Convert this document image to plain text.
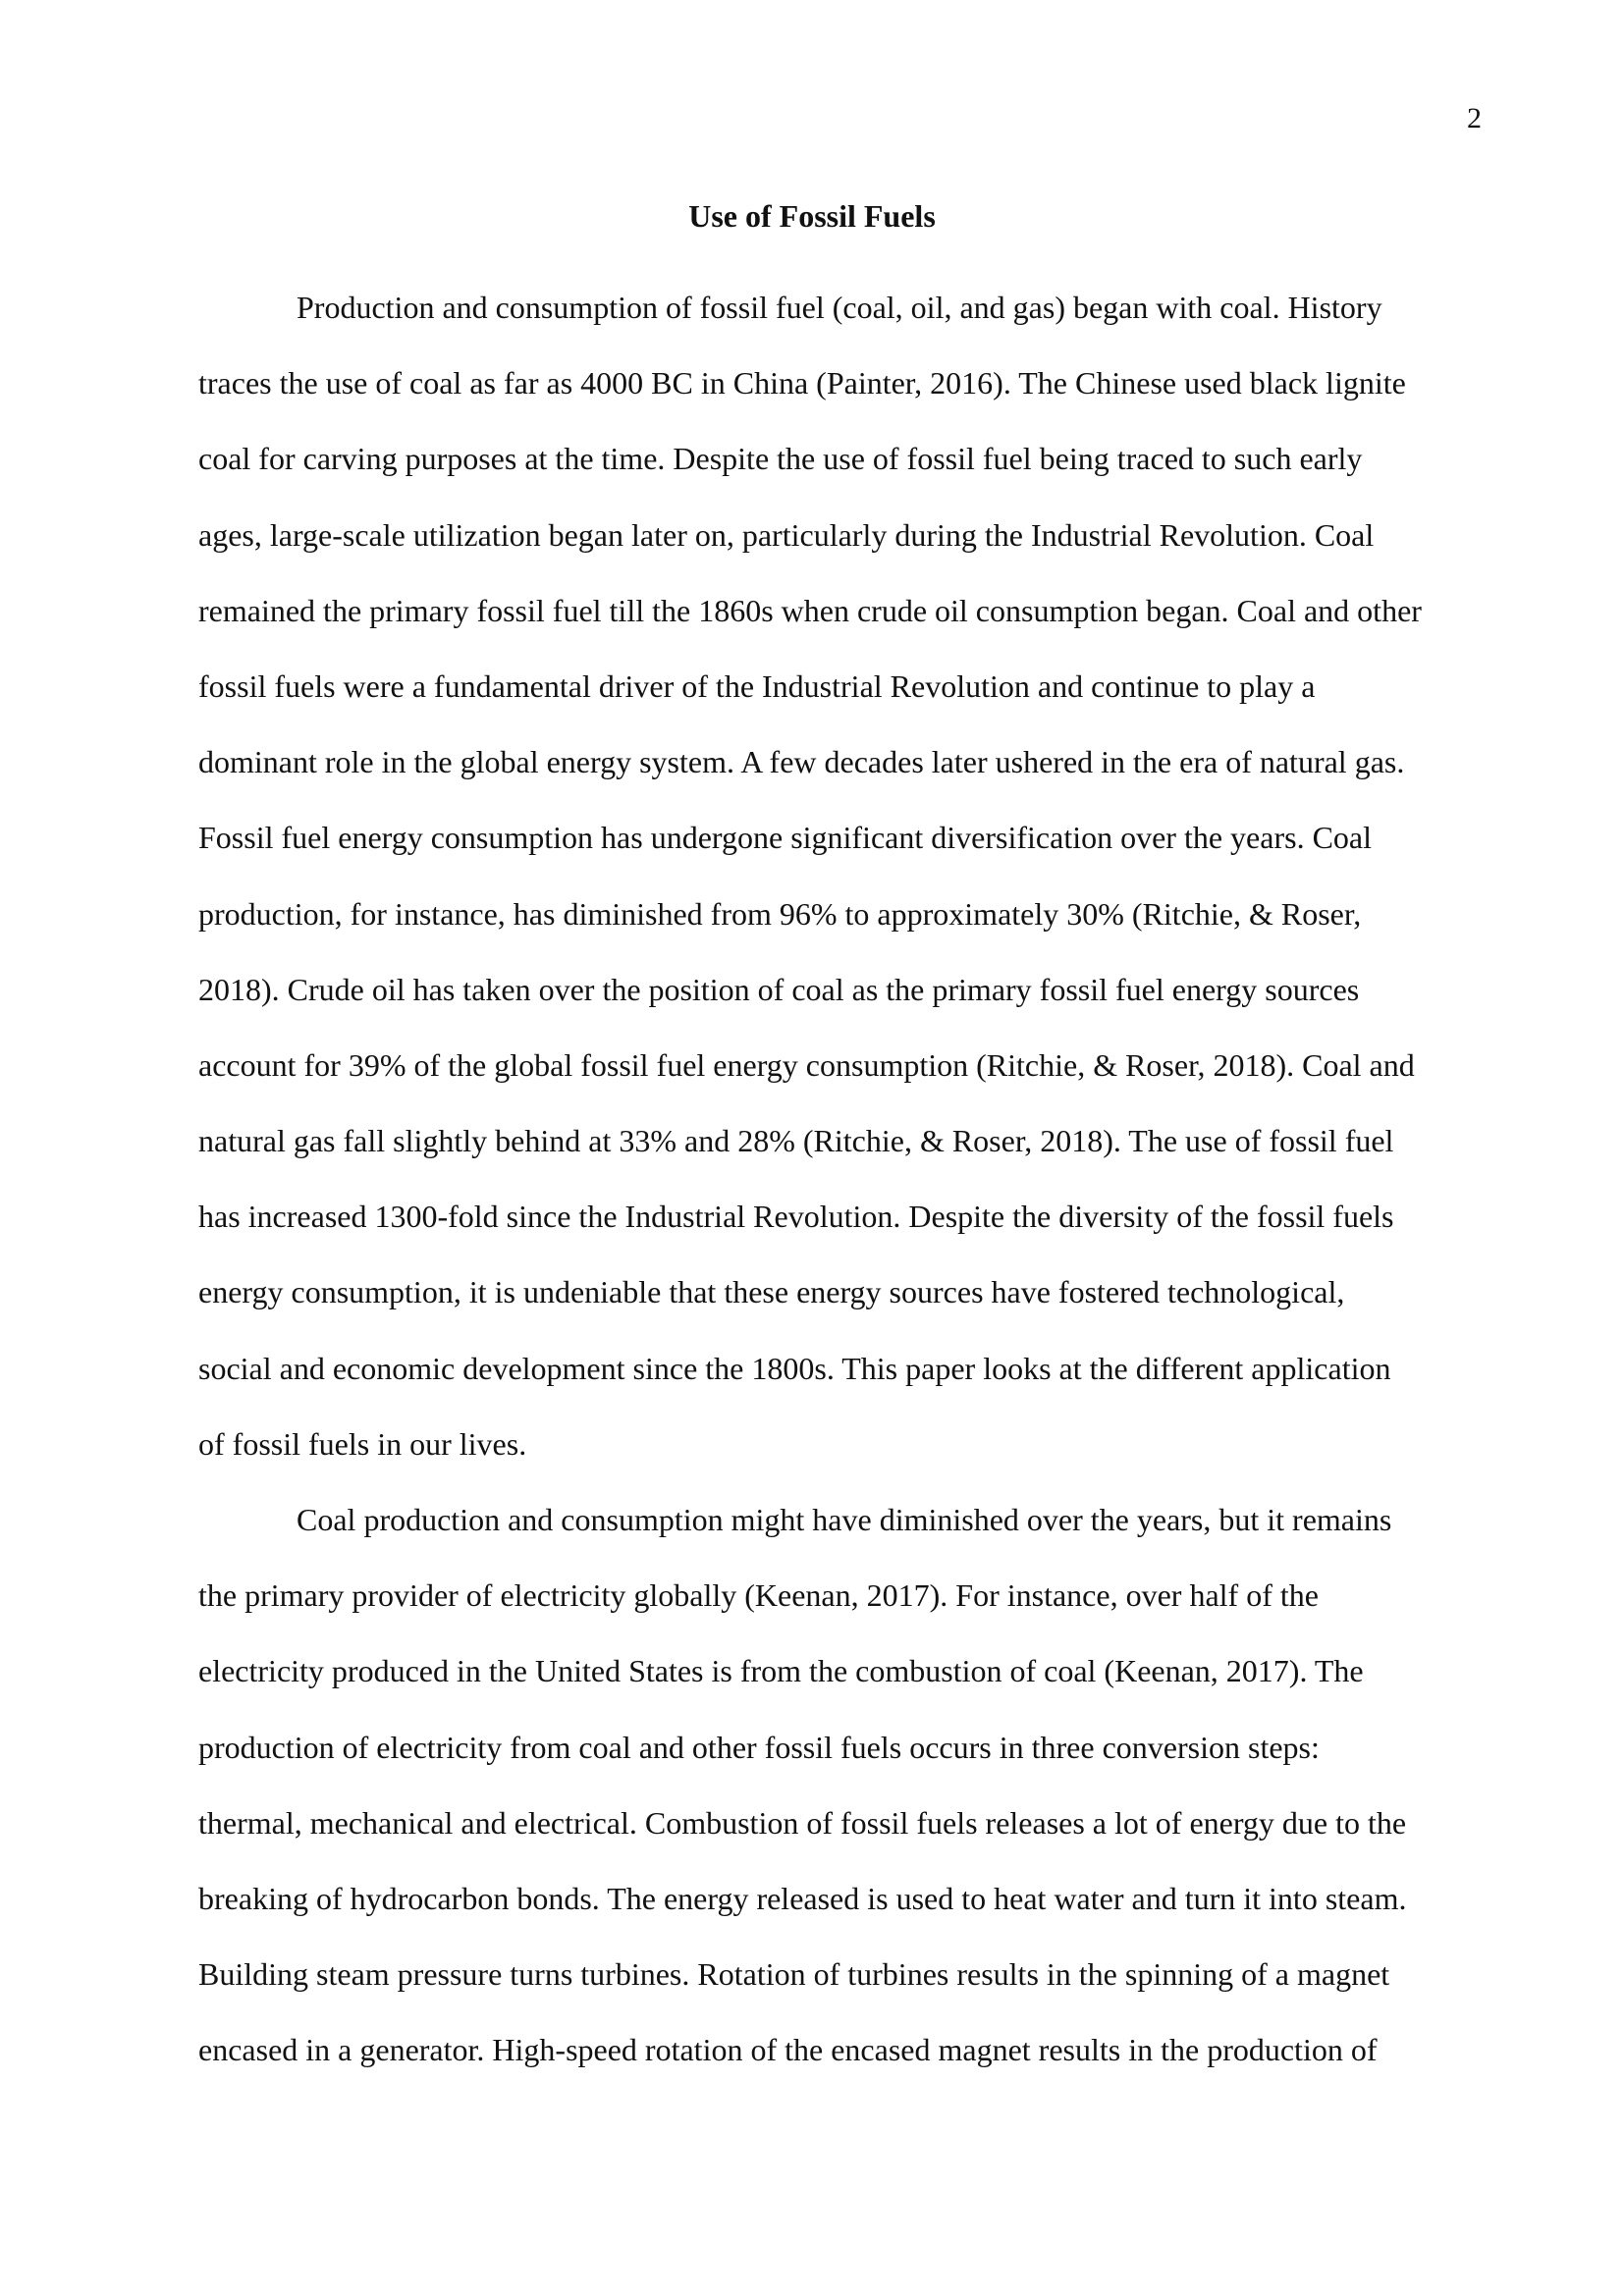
2
Use of Fossil Fuels
Production and consumption of fossil fuel (coal, oil, and gas) began with coal. History
traces the use of coal as far as 4000 BC in China (Painter, 2016). The Chinese used black lignite
coal for carving purposes at the time. Despite the use of fossil fuel being traced to such early
ages, large-scale utilization began later on, particularly during the Industrial Revolution. Coal
remained the primary fossil fuel till the 1860s when crude oil consumption began. Coal and other
fossil fuels were a fundamental driver of the Industrial Revolution and continue to play a
dominant role in the global energy system. A few decades later ushered in the era of natural gas.
Fossil fuel energy consumption has undergone significant diversification over the years. Coal
production, for instance, has diminished from 96% to approximately 30% (Ritchie, & Roser,
2018). Crude oil has taken over the position of coal as the primary fossil fuel energy sources
account for 39% of the global fossil fuel energy consumption (Ritchie, & Roser, 2018). Coal and
natural gas fall slightly behind at 33% and 28% (Ritchie, & Roser, 2018). The use of fossil fuel
has increased 1300-fold since the Industrial Revolution. Despite the diversity of the fossil fuels
energy consumption, it is undeniable that these energy sources have fostered technological,
social and economic development since the 1800s. This paper looks at the different application
of fossil fuels in our lives.
Coal production and consumption might have diminished over the years, but it remains
the primary provider of electricity globally (Keenan, 2017). For instance, over half of the
electricity produced in the United States is from the combustion of coal (Keenan, 2017). The
production of electricity from coal and other fossil fuels occurs in three conversion steps:
thermal, mechanical and electrical. Combustion of fossil fuels releases a lot of energy due to the
breaking of hydrocarbon bonds. The energy released is used to heat water and turn it into steam.
Building steam pressure turns turbines. Rotation of turbines results in the spinning of a magnet
encased in a generator. High-speed rotation of the encased magnet results in the production of
